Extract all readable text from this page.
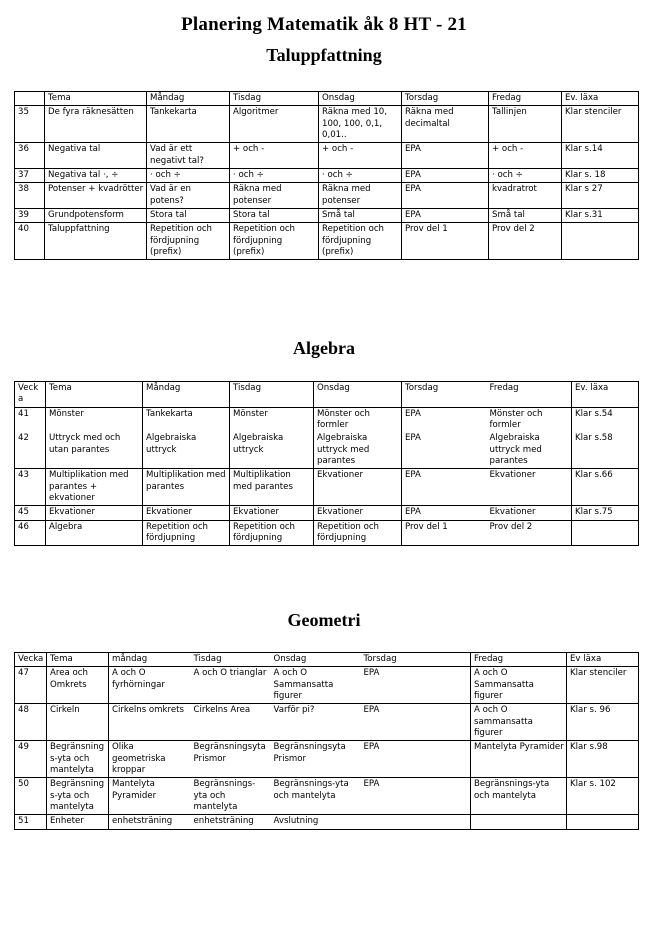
Planering Matematik åk 8 HT - 21
Taluppfattning
	Tema	Måndag	Tisdag	Onsdag	Torsdag	Fredag	Ev. läxa
35	De fyra räknesätten	Tankekarta	Algoritmer	Räkna med 10, 100, 100, 0,1, 0,01..	Räkna med decimaltal	Tallinjen	Klar stenciler
36	Negativa tal	Vad är ett negativt tal?	+ och -	+ och -	EPA	+ och -	Klar s.14
37	Negativa tal ·, ÷	· och ÷	· och ÷	· och ÷	EPA	· och ÷	Klar s. 18
38	Potenser + kvadrötter	Vad är en potens?	Räkna med potenser	Räkna med potenser	EPA	kvadratrot	Klar s 27
39	Grundpotensform	Stora tal	Stora tal	Små tal	EPA	Små tal	Klar s.31
40	Taluppfattning	Repetition och fördjupning (prefix)	Repetition och fördjupning (prefix)	Repetition och fördjupning (prefix)	Prov del 1	Prov del 2	
Algebra
Vecka	Tema	Måndag	Tisdag	Onsdag	Torsdag	Fredag	Ev. läxa
41	Mönster	Tankekarta	Mönster	Mönster och formler	EPA	Mönster och formler	Klar s.54
42	Uttryck med och utan parantes	Algebraiska uttryck	Algebraiska uttryck	Algebraiska uttryck med parantes	EPA	Algebraiska uttryck med parantes	Klar s.58
43	Multiplikation med parantes + ekvationer	Multiplikation med parantes	Multiplikation med parantes	Ekvationer	EPA	Ekvationer	Klar s.66
45	Ekvationer	Ekvationer	Ekvationer	Ekvationer	EPA	Ekvationer	Klar s.75
46	Algebra	Repetition och fördjupning	Repetition och fördjupning	Repetition och fördjupning	Prov del 1	Prov del 2	
Geometri
Vecka	Tema	måndag	Tisdag	Onsdag	Torsdag	Fredag	Ev läxa
47	Area och Omkrets	A och O fyrhörningar	A och O trianglar	A och O Sammansatta figurer	EPA	A och O Sammansatta figurer	Klar stenciler
48	Cirkeln	Cirkelns omkrets	Cirkelns Area	Varför pi?	EPA	A och O sammansatta figurer	Klar s. 96
49	Begränsnings-yta och mantelyta	Olika geometriska kroppar	Begränsningsyta Prismor	Begränsningsyta Prismor	EPA	Mantelyta Pyramider	Klar s.98
50	Begränsnings-yta och mantelyta	Mantelyta Pyramider	Begränsnings-yta och mantelyta	Begränsnings-yta och mantelyta	EPA	Begränsnings-yta och mantelyta	Klar s. 102
51	Enheter	enhetsträning	enhetsträning	Avslutning			
